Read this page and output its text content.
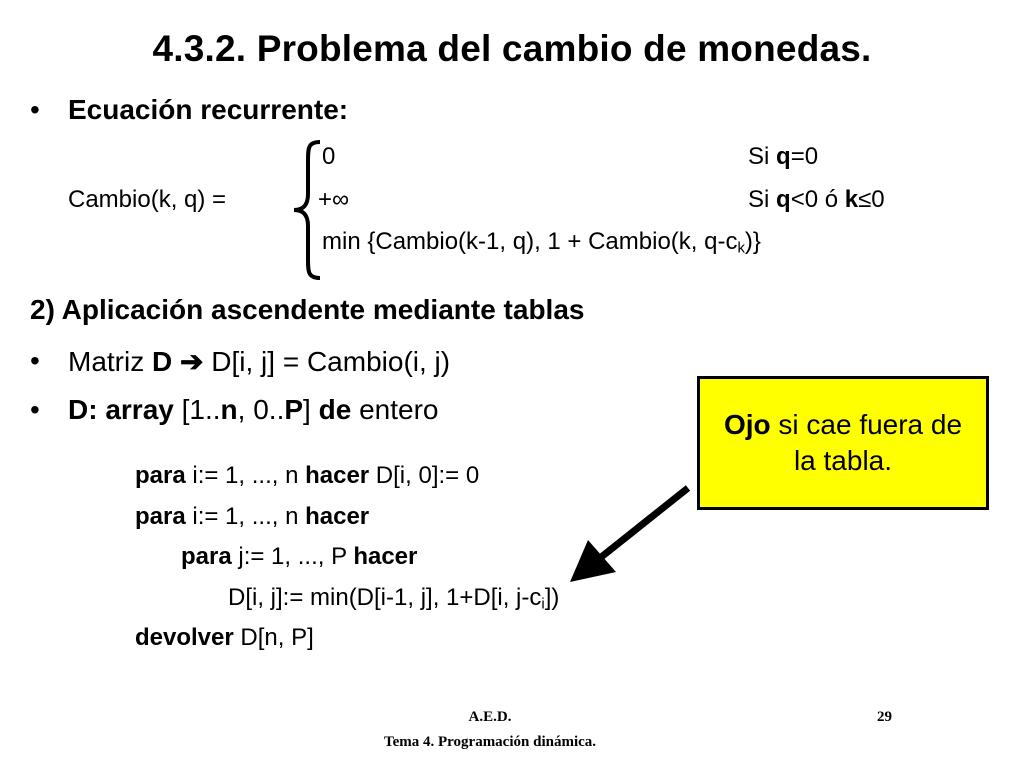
4.3.2. Problema del cambio de monedas.
• Ecuación recurrente:
Cambio(k, q) =
0	Si q=0
+∞	Si q<0 ó k≤0
min {Cambio(k-1, q), 1 + Cambio(k, $q-c_k$)}
2) Aplicación ascendente mediante tablas
• Matriz D ➔ D[i, j] = Cambio(i, j)
• D: array [1..n, 0..P] de entero
para i:= 1, ..., n hacer D[i, 0]:= 0
para i:= 1, ..., n hacer
para j:= 1, ..., P hacer
D[i, j]:= min(D[i-1, j], 1+D[i, $j-c_i$])
devolver D[n, P]
Ojo si cae fuera de la tabla.
A.E.D.
Tema 4. Programación dinámica.
29
